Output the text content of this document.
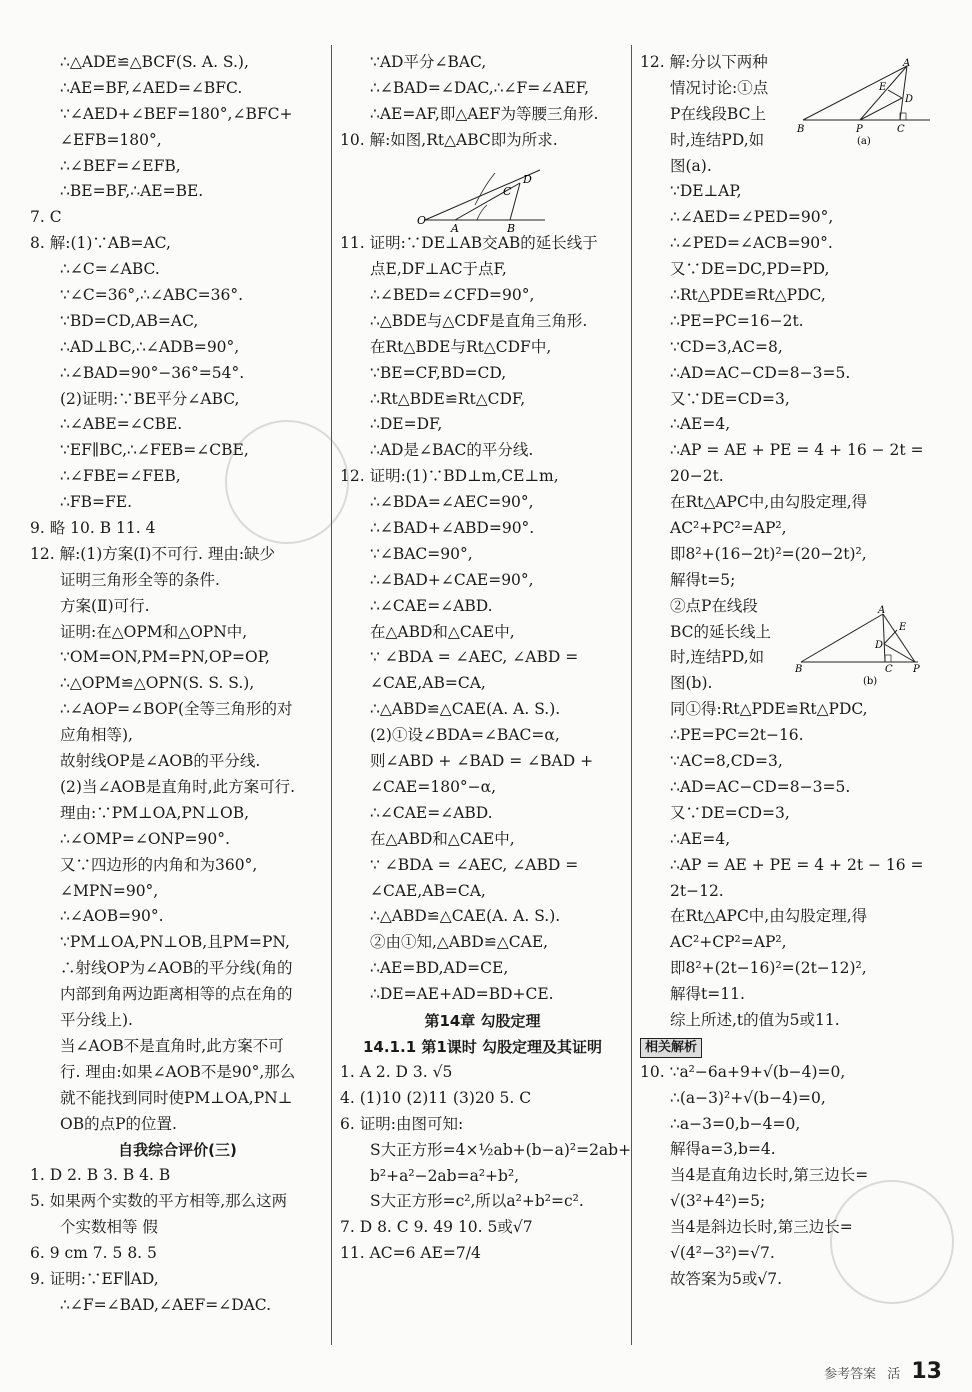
∴△ADE≌△BCF(S. A. S.),
∴AE=BF,∠AED=∠BFC.
∵∠AED+∠BEF=180°,∠BFC+
∠EFB=180°,
∴∠BEF=∠EFB,
∴BE=BF,∴AE=BE.
7. C
8. 解:(1)∵AB=AC,
∴∠C=∠ABC.
∵∠C=36°,∴∠ABC=36°.
∵BD=CD,AB=AC,
∴AD⊥BC,∴∠ADB=90°,
∴∠BAD=90°−36°=54°.
(2)证明:∵BE平分∠ABC,
∴∠ABE=∠CBE.
∵EF∥BC,∴∠FEB=∠CBE,
∴∠FBE=∠FEB,
∴FB=FE.
9. 略 10. B 11. 4
12. 解:(1)方案(Ⅰ)不可行. 理由:缺少
证明三角形全等的条件.
方案(Ⅱ)可行.
证明:在△OPM和△OPN中,
∵OM=ON,PM=PN,OP=OP,
∴△OPM≌△OPN(S. S. S.),
∴∠AOP=∠BOP(全等三角形的对
应角相等),
故射线OP是∠AOB的平分线.
(2)当∠AOB是直角时,此方案可行.
理由:∵PM⊥OA,PN⊥OB,
∴∠OMP=∠ONP=90°.
又∵四边形的内角和为360°,
∠MPN=90°,
∴∠AOB=90°.
∵PM⊥OA,PN⊥OB,且PM=PN,
∴射线OP为∠AOB的平分线(角的
内部到角两边距离相等的点在角的
平分线上).
当∠AOB不是直角时,此方案不可
行. 理由:如果∠AOB不是90°,那么
就不能找到同时使PM⊥OA,PN⊥
OB的点P的位置.
自我综合评价(三)
1. D 2. B 3. B 4. B
5. 如果两个实数的平方相等,那么这两
个实数相等 假
6. 9 cm 7. 5 8. 5
9. 证明:∵EF∥AD,
∴∠F=∠BAD,∠AEF=∠DAC.
∵AD平分∠BAC,
∴∠BAD=∠DAC,∴∠F=∠AEF,
∴AE=AF,即△AEF为等腰三角形.
10. 解:如图,Rt△ABC即为所求.
11. 证明:∵DE⊥AB交AB的延长线于
点E,DF⊥AC于点F,
∴∠BED=∠CFD=90°,
∴△BDE与△CDF是直角三角形.
在Rt△BDE与Rt△CDF中,
∵BE=CF,BD=CD,
∴Rt△BDE≌Rt△CDF,
∴DE=DF,
∴AD是∠BAC的平分线.
12. 证明:(1)∵BD⊥m,CE⊥m,
∴∠BDA=∠AEC=90°,
∴∠BAD+∠ABD=90°.
∵∠BAC=90°,
∴∠BAD+∠CAE=90°,
∴∠CAE=∠ABD.
在△ABD和△CAE中,
∵ ∠BDA = ∠AEC, ∠ABD =
∠CAE,AB=CA,
∴△ABD≌△CAE(A. A. S.).
(2)①设∠BDA=∠BAC=α,
则∠ABD + ∠BAD = ∠BAD +
∠CAE=180°−α,
∴∠CAE=∠ABD.
在△ABD和△CAE中,
∵ ∠BDA = ∠AEC, ∠ABD =
∠CAE,AB=CA,
∴△ABD≌△CAE(A. A. S.).
②由①知,△ABD≌△CAE,
∴AE=BD,AD=CE,
∴DE=AE+AD=BD+CE.
第14章 勾股定理
14.1.1 第1课时 勾股定理及其证明
1. A 2. D 3. √5
4. (1)10 (2)11 (3)20 5. C
6. 证明:由图可知:
S大正方形=4×½ab+(b−a)²=2ab+
b²+a²−2ab=a²+b²,
S大正方形=c²,所以a²+b²=c².
7. D 8. C 9. 49 10. 5或√7
11. AC=6 AE=7/4
12. 解:分以下两种
情况讨论:①点
P在线段BC上
时,连结PD,如
图(a).
∵DE⊥AP,
∴∠AED=∠PED=90°,
∴∠PED=∠ACB=90°.
又∵DE=DC,PD=PD,
∴Rt△PDE≌Rt△PDC,
∴PE=PC=16−2t.
∵CD=3,AC=8,
∴AD=AC−CD=8−3=5.
又∵DE=CD=3,
∴AE=4,
∴AP = AE + PE = 4 + 16 − 2t =
20−2t.
在Rt△APC中,由勾股定理,得
AC²+PC²=AP²,
即8²+(16−2t)²=(20−2t)²,
解得t=5;
②点P在线段
BC的延长线上
时,连结PD,如
图(b).
同①得:Rt△PDE≌Rt△PDC,
∴PE=PC=2t−16.
∵AC=8,CD=3,
∴AD=AC−CD=8−3=5.
又∵DE=CD=3,
∴AE=4,
∴AP = AE + PE = 4 + 2t − 16 =
2t−12.
在Rt△APC中,由勾股定理,得
AC²+CP²=AP²,
即8²+(2t−16)²=(2t−12)²,
解得t=11.
综上所述,t的值为5或11.
相关解析
10. ∵a²−6a+9+√(b−4)=0,
∴(a−3)²+√(b−4)=0,
∴a−3=0,b−4=0,
解得a=3,b=4.
当4是直角边长时,第三边长=
√(3²+4²)=5;
当4是斜边长时,第三边长=
√(4²−3²)=√7.
故答案为5或√7.
O
A	B
C
D
A
E
D
B	P	C
(a)
A
E
D
B	C P
(b)
参考答案 活 13
